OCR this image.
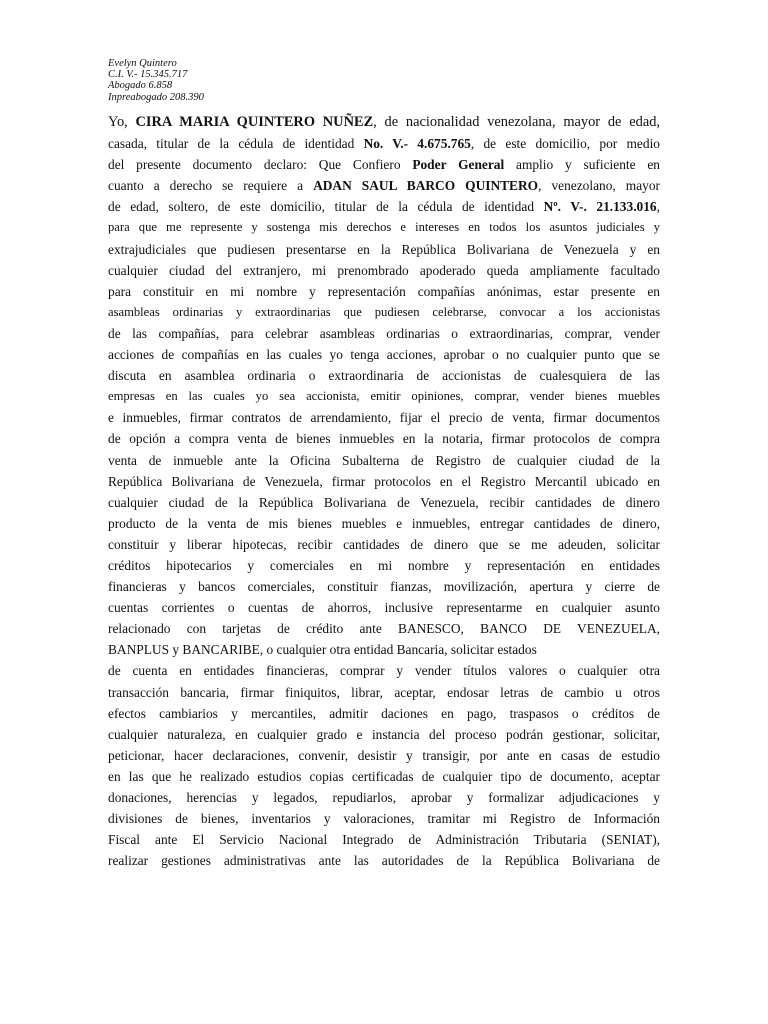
Evelyn Quintero
C.I. V.- 15.345.717
Abogado 6.858
Inpreabogado 208.390
Yo, CIRA MARIA QUINTERO NUÑEZ, de nacionalidad venezolana, mayor de edad,
casada, titular de la cédula de identidad No. V.- 4.675.765, de este domicilio, por medio
del presente documento declaro: Que Confiero Poder General amplio y suficiente en
cuanto a derecho se requiere a ADAN SAUL BARCO QUINTERO, venezolano, mayor
de edad, soltero, de este domicilio, titular de la cédula de identidad Nº. V-. 21.133.016,
para que me represente y sostenga mis derechos e intereses en todos los asuntos judiciales y
extrajudiciales que pudiesen presentarse en la República Bolivariana de Venezuela y en
cualquier ciudad del extranjero, mi prenombrado apoderado queda ampliamente facultado
para constituir en mi nombre y representación compañías anónimas, estar presente en
asambleas ordinarias y extraordinarias que pudiesen celebrarse, convocar a los accionistas
de las compañías, para celebrar asambleas ordinarias o extraordinarias, comprar, vender
acciones de compañías en las cuales yo tenga acciones, aprobar o no cualquier punto que se
discuta en asamblea ordinaria o extraordinaria de accionistas de cualesquiera de las
empresas en las cuales yo sea accionista, emitir opiniones, comprar, vender bienes muebles
e inmuebles, firmar contratos de arrendamiento, fijar el precio de venta, firmar documentos
de opción a compra venta de bienes inmuebles en la notaria, firmar protocolos de compra
venta de inmueble ante la Oficina Subalterna de Registro de cualquier ciudad de la
República Bolivariana de Venezuela, firmar protocolos en el Registro Mercantil ubicado en
cualquier ciudad de la República Bolivariana de Venezuela, recibir cantidades de dinero
producto de la venta de mis bienes muebles e inmuebles, entregar cantidades de dinero,
constituir y liberar hipotecas, recibir cantidades de dinero que se me adeuden, solicitar
créditos hipotecarios y comerciales en mi nombre y representación en entidades
financieras y bancos comerciales, constituir fianzas, movilización, apertura y cierre de
cuentas corrientes o cuentas de ahorros, inclusive representarme en cualquier asunto
relacionado con tarjetas de crédito ante BANESCO, BANCO DE VENEZUELA,
BANPLUS y BANCARIBE, o cualquier otra entidad Bancaria, solicitar estados
de cuenta en entidades financieras, comprar y vender títulos valores o cualquier otra
transacción bancaria, firmar finiquitos, librar, aceptar, endosar letras de cambio u otros
efectos cambiarios y mercantiles, admitir daciones en pago, traspasos o créditos de
cualquier naturaleza, en cualquier grado e instancia del proceso podrán gestionar, solicitar,
peticionar, hacer declaraciones, convenir, desistir y transigir, por ante en casas de estudio
en las que he realizado estudios copias certificadas de cualquier tipo de documento, aceptar
donaciones, herencias y legados, repudiarlos, aprobar y formalizar adjudicaciones y
divisiones de bienes, inventarios y valoraciones, tramitar mi Registro de Información
Fiscal ante El Servicio Nacional Integrado de Administración Tributaria (SENIAT),
realizar gestiones administrativas ante las autoridades de la República Bolivariana de
